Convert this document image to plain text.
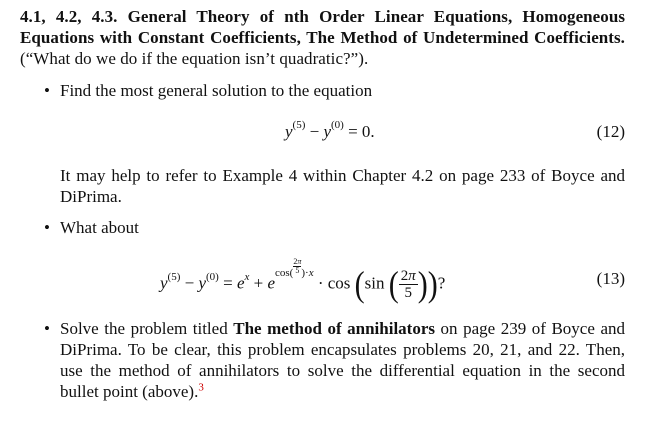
4.1, 4.2, 4.3. General Theory of nth Order Linear Equations, Homogeneous Equations with Constant Coefficients, The Method of Undetermined Coefficients. (“What do we do if the equation isn’t quadratic?”).

• Find the most general solution to the equation

$y^{(5)} - y^{(0)} = 0$.	(12)

It may help to refer to Example 4 within Chapter 4.2 on page 233 of Boyce and DiPrima.

• What about

$y^{(5)} - y^{(0)} = e^x + e^{cos( \frac{2\pi}{5})\cdot x} \cdot \cos (\sin$ ( $\frac{2\pi}{5}$ ))?	(13)
• Solve the problem titled The method of annihilators on page 239 of Boyce and DiPrima. To be clear, this problem encapsulates problems 20, 21, and 22. Then, use the method of annihilators to solve the differential equation in the second bullet point (above).$^3$
